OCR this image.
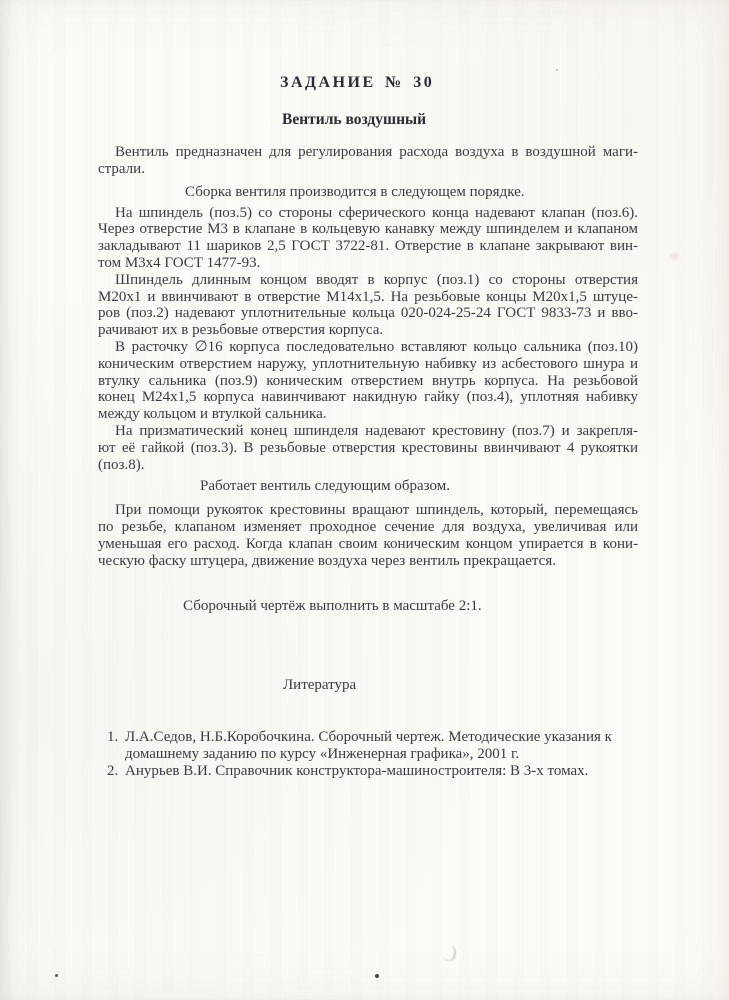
ЗАДАНИЕ № 30
Вентиль воздушный
Вентиль предназначен для регулирования расхода воздуха в воздушной маги-
страли.
Сборка вентиля производится в следующем порядке.
На шпиндель (поз.5) со стороны сферического конца надевают клапан (поз.6).
Через отверстие М3 в клапане в кольцевую канавку между шпинделем и клапаном
закладывают 11 шариков 2,5 ГОСТ 3722-81. Отверстие в клапане закрывают вин-
том М3х4 ГОСТ 1477-93.
Шпиндель длинным концом вводят в корпус (поз.1) со стороны отверстия
М20х1 и ввинчивают в отверстие М14х1,5. На резьбовые концы М20х1,5 штуце-
ров (поз.2) надевают уплотнительные кольца 020-024-25-24 ГОСТ 9833-73 и вво-
рачивают их в резьбовые отверстия корпуса.
В расточку ∅16 корпуса последовательно вставляют кольцо сальника (поз.10)
коническим отверстием наружу, уплотнительную набивку из асбестового шнура и
втулку сальника (поз.9) коническим отверстием внутрь корпуса. На резьбовой
конец М24х1,5 корпуса навинчивают накидную гайку (поз.4), уплотняя набивку
между кольцом и втулкой сальника.
На призматический конец шпинделя надевают крестовину (поз.7) и закрепля-
ют её гайкой (поз.3). В резьбовые отверстия крестовины ввинчивают 4 рукоятки
(поз.8).
Работает вентиль следующим образом.
При помощи рукояток крестовины вращают шпиндель, который, перемещаясь
по резьбе, клапаном изменяет проходное сечение для воздуха, увеличивая или
уменьшая его расход. Когда клапан своим коническим концом упирается в кони-
ческую фаску штуцера, движение воздуха через вентиль прекращается.
Сборочный чертёж выполнить в масштабе 2:1.
Литература
1. Л.А.Седов, Н.Б.Коробочкина. Сборочный чертеж. Методические указания к
домашнему заданию по курсу «Инженерная графика», 2001 г.
2. Анурьев В.И. Справочник конструктора-машиностроителя: В 3-х томах.
